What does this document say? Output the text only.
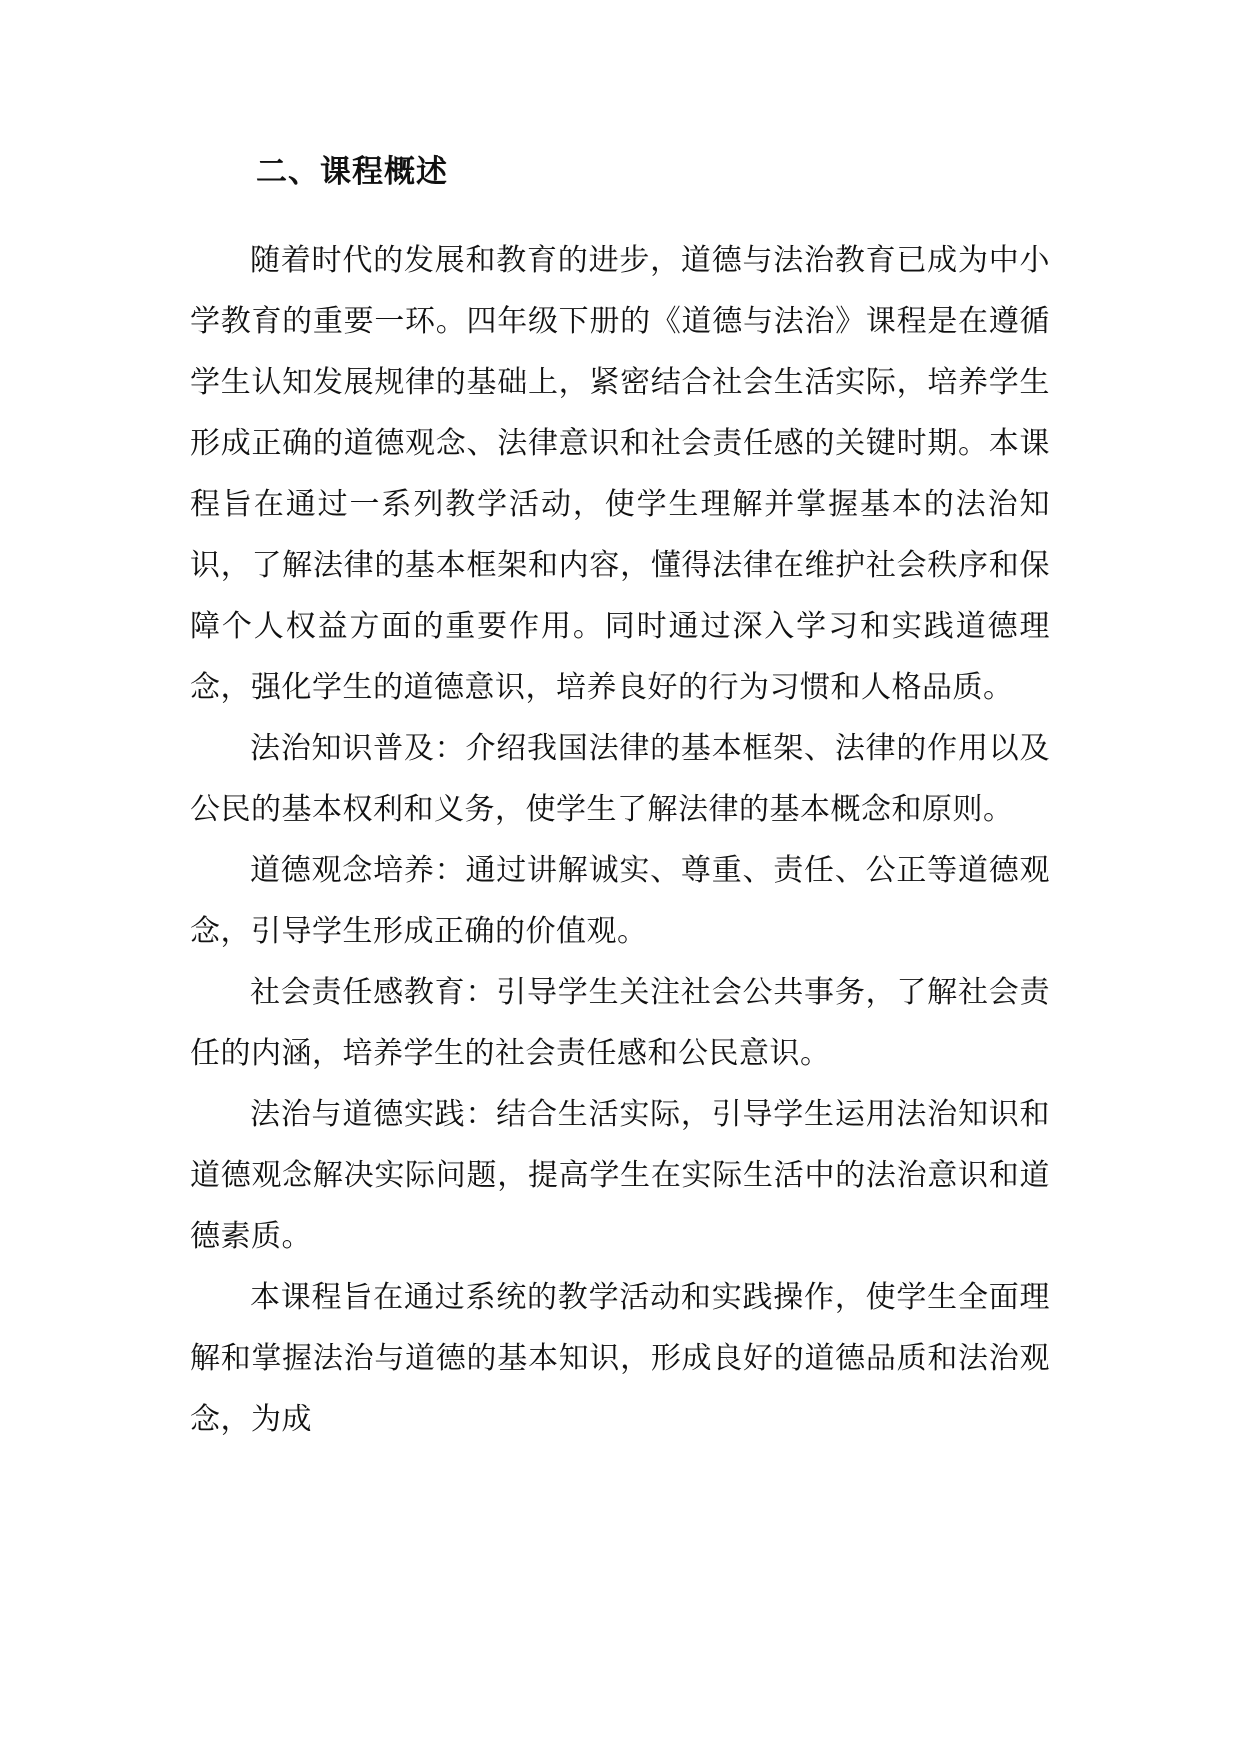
二、课程概述

随着时代的发展和教育的进步，道德与法治教育已成为中小学教育的重要一环。四年级下册的《道德与法治》课程是在遵循学生认知发展规律的基础上，紧密结合社会生活实际，培养学生形成正确的道德观念、法律意识和社会责任感的关键时期。本课程旨在通过一系列教学活动，使学生理解并掌握基本的法治知识，了解法律的基本框架和内容，懂得法律在维护社会秩序和保障个人权益方面的重要作用。同时通过深入学习和实践道德理念，强化学生的道德意识，培养良好的行为习惯和人格品质。

法治知识普及：介绍我国法律的基本框架、法律的作用以及公民的基本权利和义务，使学生了解法律的基本概念和原则。

道德观念培养：通过讲解诚实、尊重、责任、公正等道德观念，引导学生形成正确的价值观。

社会责任感教育：引导学生关注社会公共事务，了解社会责任的内涵，培养学生的社会责任感和公民意识。

法治与道德实践：结合生活实际，引导学生运用法治知识和道德观念解决实际问题，提高学生在实际生活中的法治意识和道德素质。

本课程旨在通过系统的教学活动和实践操作，使学生全面理解和掌握法治与道德的基本知识，形成良好的道德品质和法治观念，为成
